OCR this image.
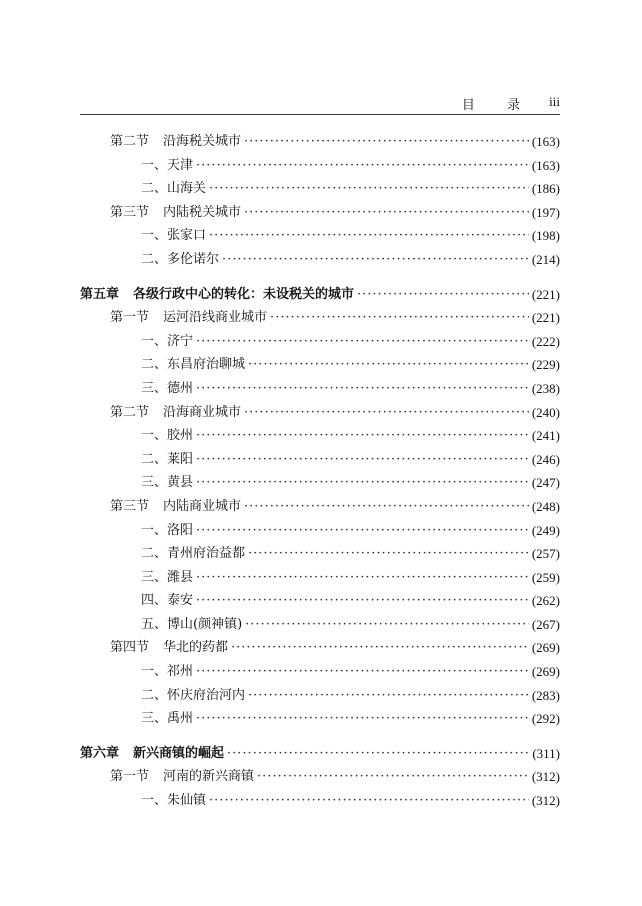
目 录 iii
第二节 沿海税关城市 ·····	(163)
一、天津 ·····	(163)
二、山海关 ·····	(186)
第三节 内陆税关城市 ·····	(197)
一、张家口 ·····	(198)
二、多伦诺尔 ·····	(214)
第五章 各级行政中心的转化：未设税关的城市 ·····	(221)
第一节 运河沿线商业城市 ·····	(221)
一、济宁 ·····	(222)
二、东昌府治聊城 ·····	(229)
三、德州 ·····	(238)
第二节 沿海商业城市 ·····	(240)
一、胶州 ·····	(241)
二、莱阳 ·····	(246)
三、黄县 ·····	(247)
第三节 内陆商业城市 ·····	(248)
一、洛阳 ·····	(249)
二、青州府治益都 ·····	(257)
三、潍县 ·····	(259)
四、泰安 ·····	(262)
五、博山(颜神镇) ·····	(267)
第四节 华北的药都 ·····	(269)
一、祁州 ·····	(269)
二、怀庆府治河内 ·····	(283)
三、禹州 ·····	(292)
第六章 新兴商镇的崛起 ·····	(311)
第一节 河南的新兴商镇 ·····	(312)
一、朱仙镇 ·····	(312)
